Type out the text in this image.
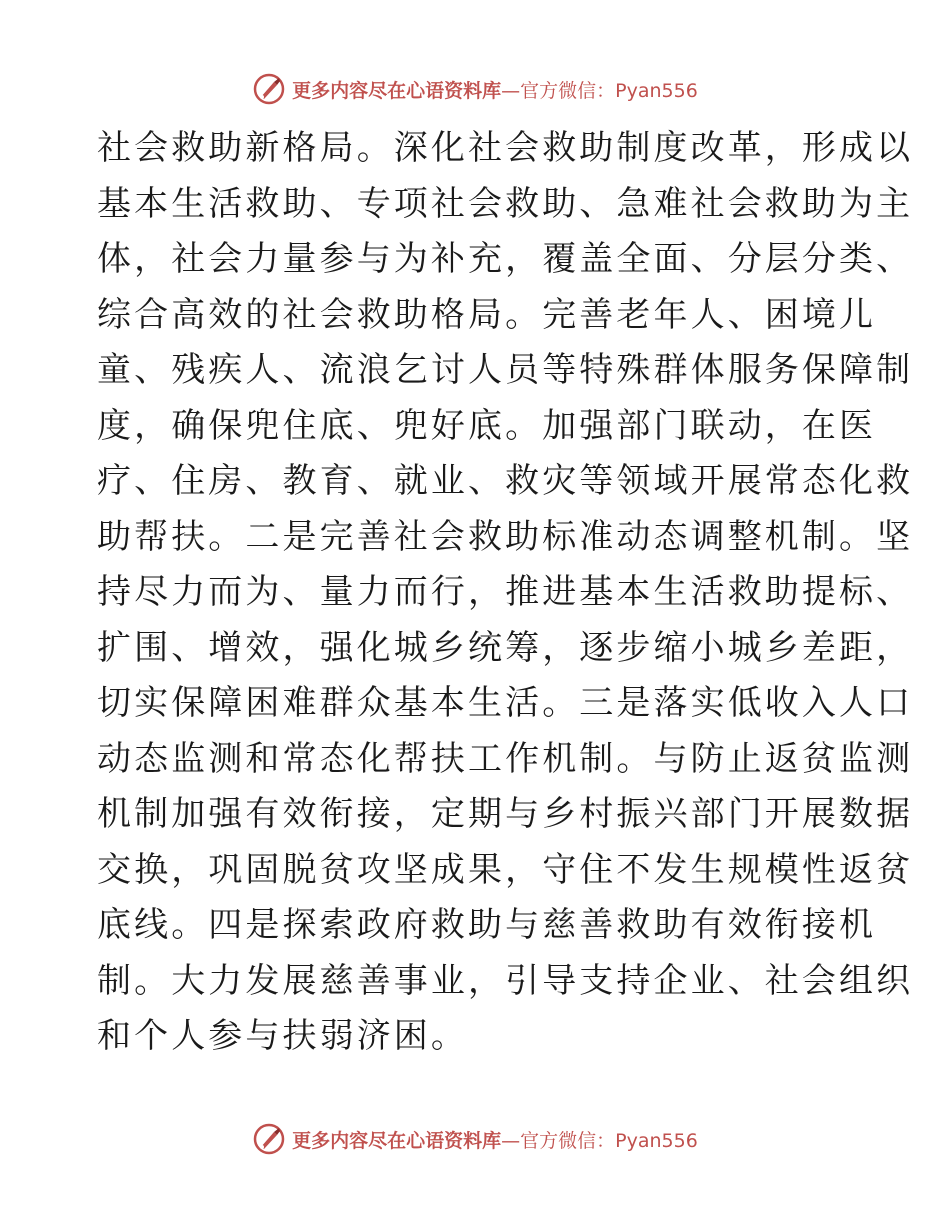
更多内容尽在心语资料库—官方微信：Pyan556
社会救助新格局。深化社会救助制度改革，形成以
基本生活救助、专项社会救助、急难社会救助为主
体，社会力量参与为补充，覆盖全面、分层分类、
综合高效的社会救助格局。完善老年人、困境儿
童、残疾人、流浪乞讨人员等特殊群体服务保障制
度，确保兜住底、兜好底。加强部门联动，在医
疗、住房、教育、就业、救灾等领域开展常态化救
助帮扶。二是完善社会救助标准动态调整机制。坚
持尽力而为、量力而行，推进基本生活救助提标、
扩围、增效，强化城乡统筹，逐步缩小城乡差距，
切实保障困难群众基本生活。三是落实低收入人口
动态监测和常态化帮扶工作机制。与防止返贫监测
机制加强有效衔接，定期与乡村振兴部门开展数据
交换，巩固脱贫攻坚成果，守住不发生规模性返贫
底线。四是探索政府救助与慈善救助有效衔接机
制。大力发展慈善事业，引导支持企业、社会组织
和个人参与扶弱济困。
更多内容尽在心语资料库—官方微信：Pyan556
